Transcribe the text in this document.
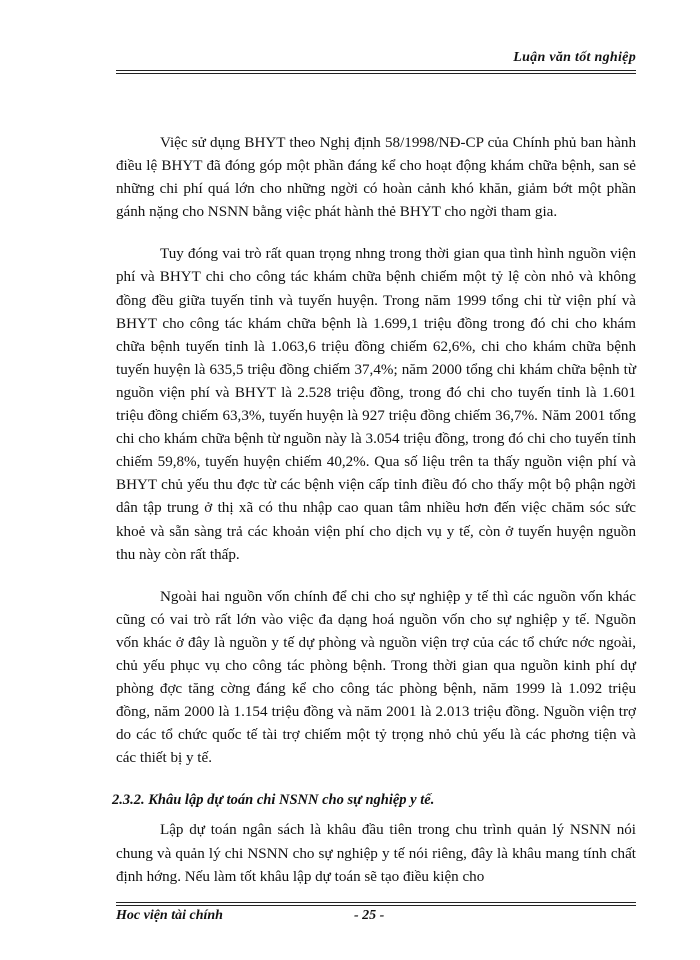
Luận văn tốt nghiệp

Việc sử dụng BHYT theo Nghị định 58/1998/NĐ-CP của Chính phủ ban hành điều lệ BHYT đã đóng góp một phần đáng kể cho hoạt động khám chữa bệnh, san sẻ những chi phí quá lớn cho những ngời có hoàn cảnh khó khăn, giảm bớt một phần gánh nặng cho NSNN bằng việc phát hành thẻ BHYT cho ngời tham gia.

Tuy đóng vai trò rất quan trọng nhng trong thời gian qua tình hình nguồn viện phí và BHYT chi cho công tác khám chữa bệnh chiếm một tỷ lệ còn nhỏ và không đồng đều giữa tuyến tỉnh và tuyến huyện. Trong năm 1999 tổng chi từ viện phí và BHYT cho công tác khám chữa bệnh là 1.699,1 triệu đồng trong đó chi cho khám chữa bệnh tuyến tỉnh là 1.063,6 triệu đồng chiếm 62,6%, chi cho khám chữa bệnh tuyến huyện là 635,5 triệu đồng chiếm 37,4%; năm 2000 tổng chi khám chữa bệnh từ nguồn viện phí và BHYT là 2.528 triệu đồng, trong đó chi cho tuyến tỉnh là 1.601 triệu đồng chiếm 63,3%, tuyến huyện là 927 triệu đồng chiếm 36,7%. Năm 2001 tổng chi cho khám chữa bệnh từ nguồn này là 3.054 triệu đồng, trong đó chi cho tuyến tỉnh chiếm 59,8%, tuyến huyện chiếm 40,2%. Qua số liệu trên ta thấy nguồn viện phí và BHYT chủ yếu thu đợc từ các bệnh viện cấp tỉnh điều đó cho thấy một bộ phận ngời dân tập trung ở thị xã có thu nhập cao quan tâm nhiều hơn đến việc chăm sóc sức khoẻ và sẵn sàng trả các khoản viện phí cho dịch vụ y tế, còn ở tuyến huyện nguồn thu này còn rất thấp.

Ngoài hai nguồn vốn chính để chi cho sự nghiệp y tế thì các nguồn vốn khác cũng có vai trò rất lớn vào việc đa dạng hoá nguồn vốn cho sự nghiệp y tế. Nguồn vốn khác ở đây là nguồn y tế dự phòng và nguồn viện trợ của các tổ chức nớc ngoài, chủ yếu phục vụ cho công tác phòng bệnh. Trong thời gian qua nguồn kinh phí dự phòng đợc tăng cờng đáng kể cho công tác phòng bệnh, năm 1999 là 1.092 triệu đồng, năm 2000 là 1.154 triệu đồng và năm 2001 là 2.013 triệu đồng. Nguồn viện trợ do các tổ chức quốc tế tài trợ chiếm một tỷ trọng nhỏ chủ yếu là các phơng tiện và các thiết bị y tế.

2.3.2. Khâu lập dự toán chi NSNN cho sự nghiệp y tế.

Lập dự toán ngân sách là khâu đầu tiên trong chu trình quản lý NSNN nói chung và quản lý chi NSNN cho sự nghiệp y tế nói riêng, đây là khâu mang tính chất định hớng. Nếu làm tốt khâu lập dự toán sẽ tạo điều kiện cho

Hoc viện tài chính	- 25 -
